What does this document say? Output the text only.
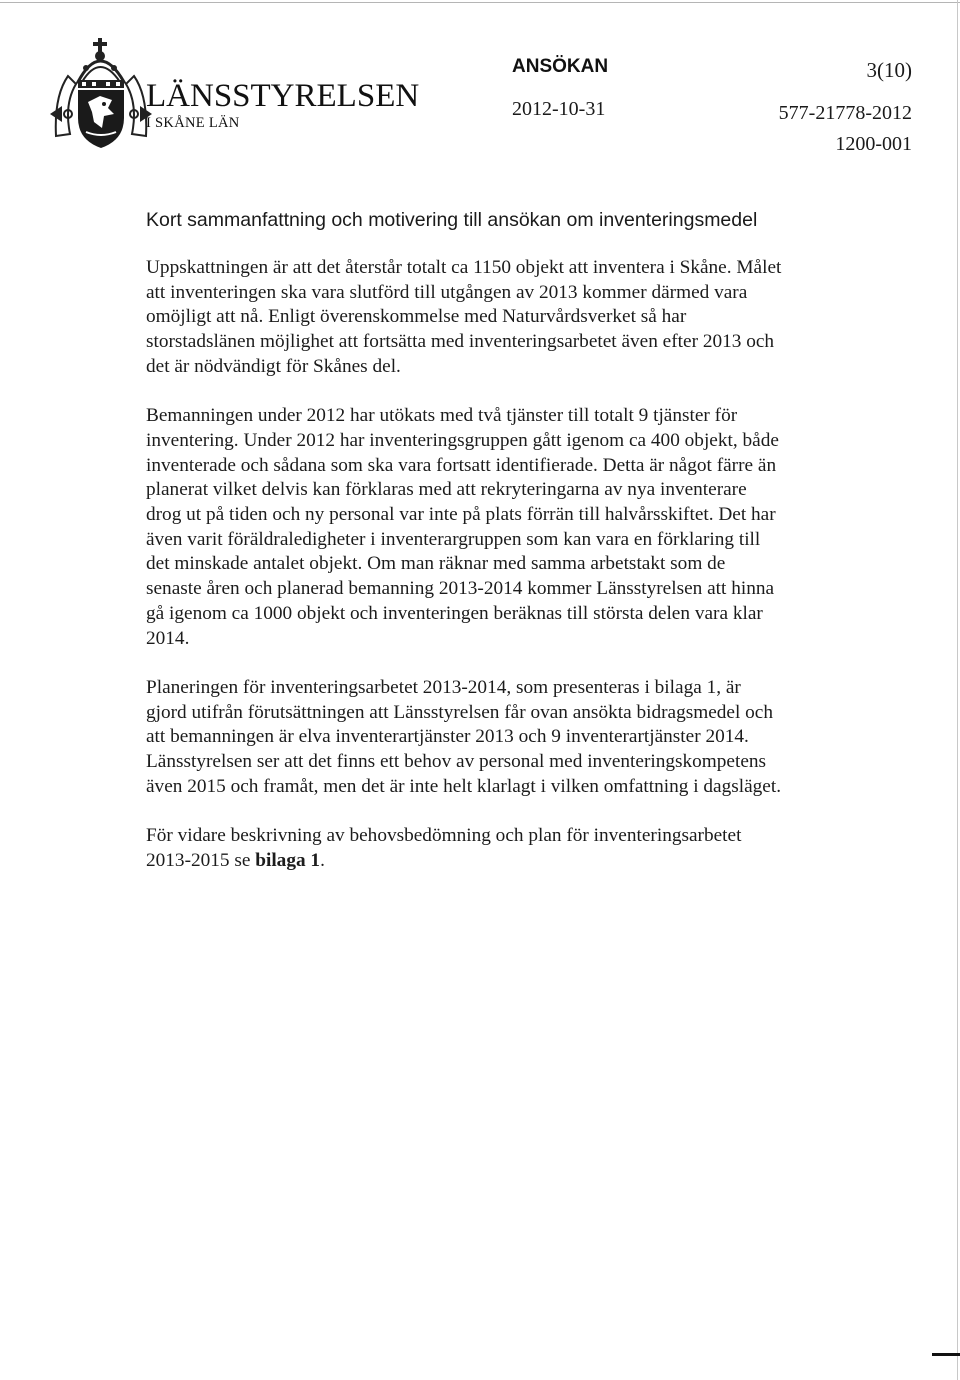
LÄNSSTYRELSEN
I SKÅNE LÄN
ANSÖKAN	3(10)
2012-10-31	577-21778-2012
1200-001
Kort sammanfattning och motivering till ansökan om inventeringsmedel

Uppskattningen är att det återstår totalt ca 1150 objekt att inventera i Skåne. Målet
att inventeringen ska vara slutförd till utgången av 2013 kommer därmed vara
omöjligt att nå. Enligt överenskommelse med Naturvårdsverket så har
storstadslänen möjlighet att fortsätta med inventeringsarbetet även efter 2013 och
det är nödvändigt för Skånes del.

Bemanningen under 2012 har utökats med två tjänster till totalt 9 tjänster för
inventering. Under 2012 har inventeringsgruppen gått igenom ca 400 objekt, både
inventerade och sådana som ska vara fortsatt identifierade. Detta är något färre än
planerat vilket delvis kan förklaras med att rekryteringarna av nya inventerare
drog ut på tiden och ny personal var inte på plats förrän till halvårsskiftet. Det har
även varit föräldraledigheter i inventerargruppen som kan vara en förklaring till
det minskade antalet objekt. Om man räknar med samma arbetstakt som de
senaste åren och planerad bemanning 2013-2014 kommer Länsstyrelsen att hinna
gå igenom ca 1000 objekt och inventeringen beräknas till största delen vara klar
2014.

Planeringen för inventeringsarbetet 2013-2014, som presenteras i bilaga 1, är
gjord utifrån förutsättningen att Länsstyrelsen får ovan ansökta bidragsmedel och
att bemanningen är elva inventerartjänster 2013 och 9 inventerartjänster 2014.
Länsstyrelsen ser att det finns ett behov av personal med inventeringskompetens
även 2015 och framåt, men det är inte helt klarlagt i vilken omfattning i dagsläget.

För vidare beskrivning av behovsbedömning och plan för inventeringsarbetet
2013-2015 se bilaga 1.
